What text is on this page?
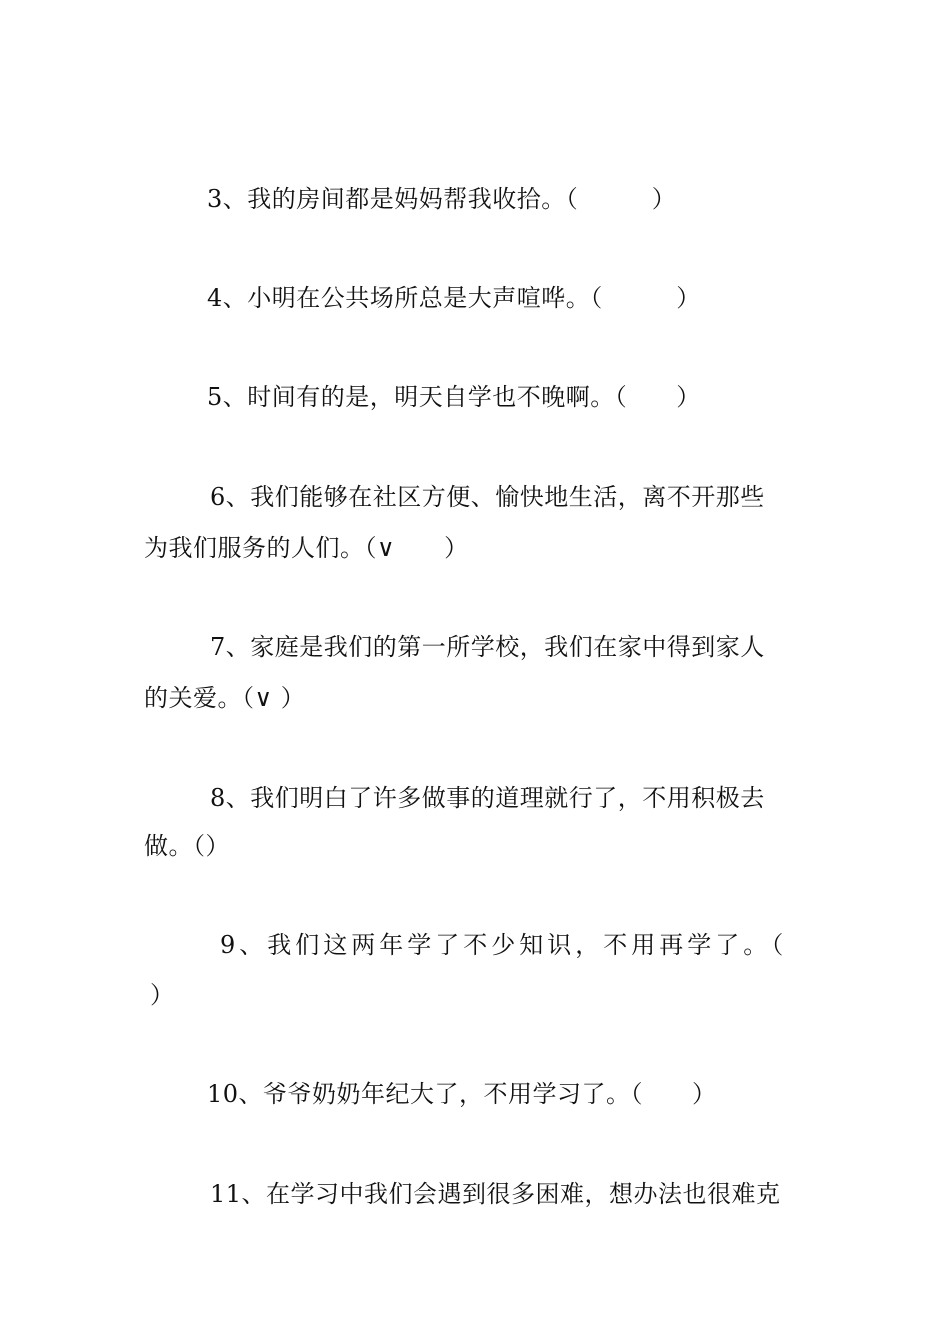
3、我的房间都是妈妈帮我收拾。（　　　）
4、小明在公共场所总是大声喧哗。（　　　）
5、时间有的是，明天自学也不晚啊。（　　）
6、我们能够在社区方便、愉快地生活，离不开那些
为我们服务的人们。（∨　　）
7、家庭是我们的第一所学校，我们在家中得到家人
的关爱。（∨ ）
8、我们明白了许多做事的道理就行了，不用积极去
做。（）
9、我们这两年学了不少知识，不用再学了。（
）
10、爷爷奶奶年纪大了，不用学习了。（　　）
11、在学习中我们会遇到很多困难，想办法也很难克
